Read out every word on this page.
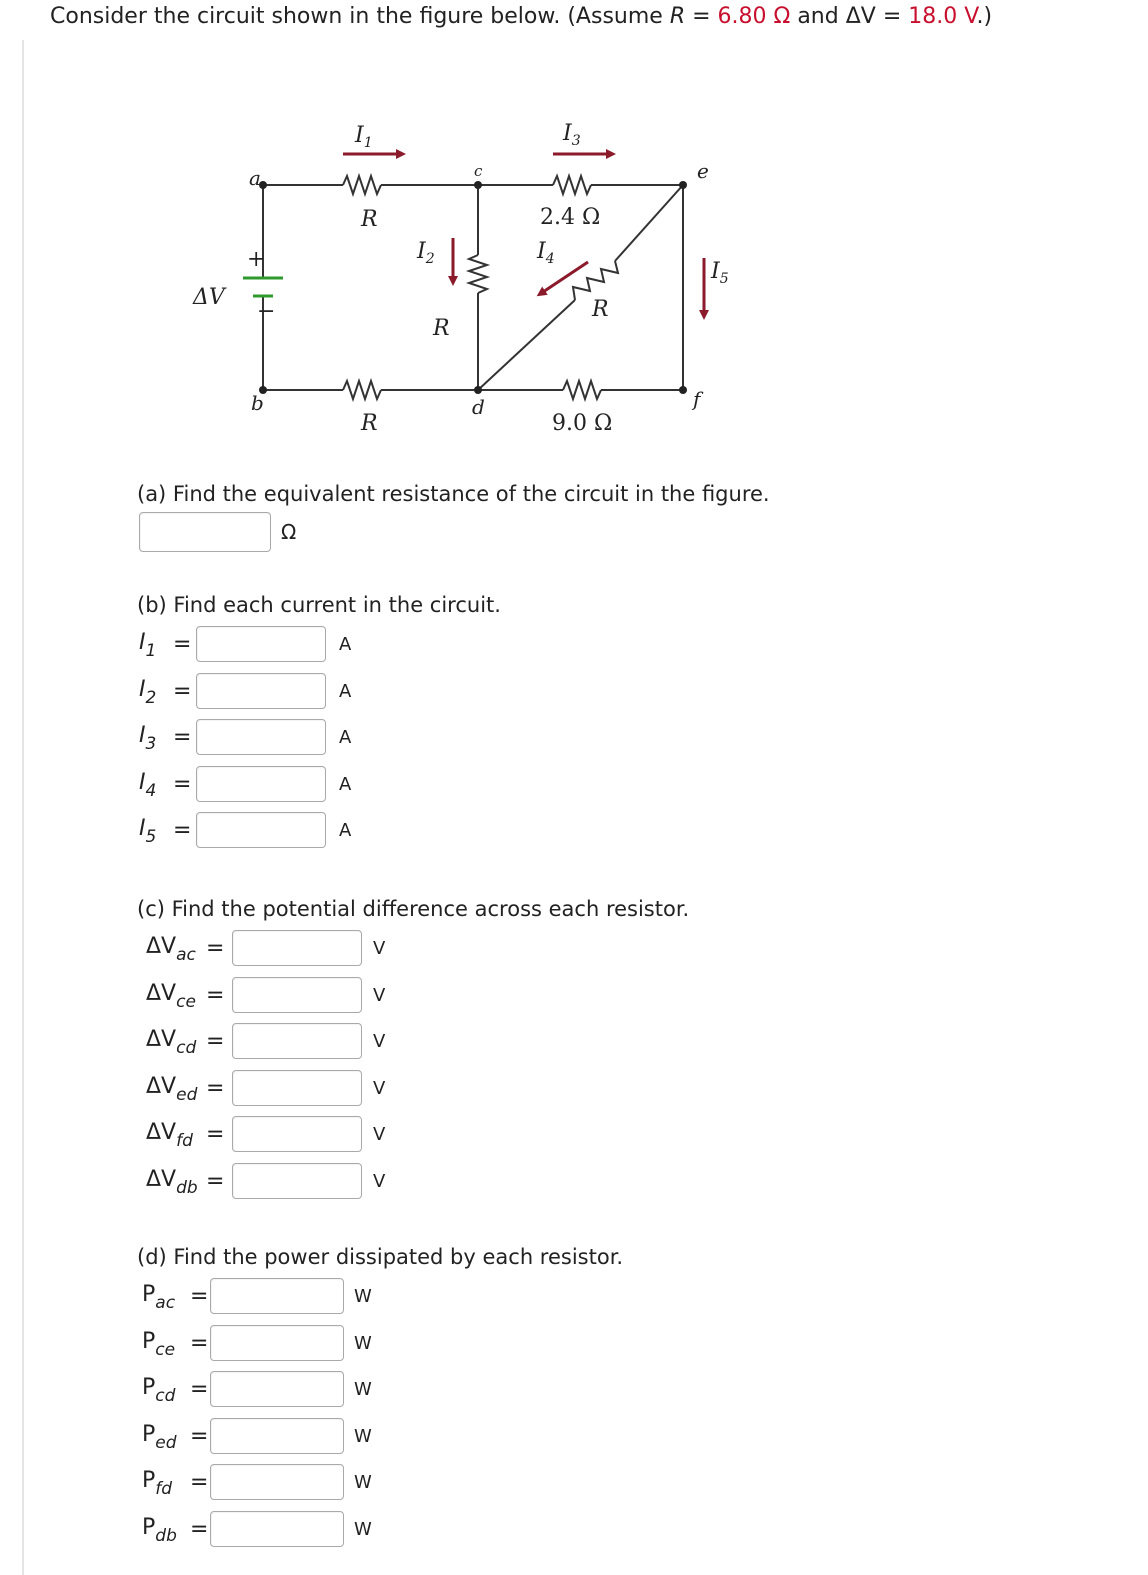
Consider the circuit shown in the figure below. (Assume R = 6.80 Ω and ΔV = 18.0 V.)
a
b
c
d
e
f
R
R
R
R
$I_1$
$I_2$
$I_3$
$I_4$	$I_5$
ΔV
2.4 Ω
9.0 Ω
+
−
(a) Find the equivalent resistance of the circuit in the figure.
Ω
(b) Find each current in the circuit.
$I_1$ =	A
$I_2$ =	A
$I_3$ =	A
$I_4$ =	A
$I_5$ =	A
(c) Find the potential difference across each resistor.
$\Delta V_{ac}$ =	V
$\Delta V_{ce}$ =	V
$\Delta V_{cd}$ =	V
$\Delta V_{ed}$ =	V
$\Delta V_{fd}$ =	V
$\Delta V_{db}$ =	V
(d) Find the power dissipated by each resistor.
$P_{ac}$ =	W
$P_{ce}$ =	W
$P_{cd}$ =	W
$P_{ed}$ =	W
$P_{fd}$ =	W
$P_{db}$ =	W
